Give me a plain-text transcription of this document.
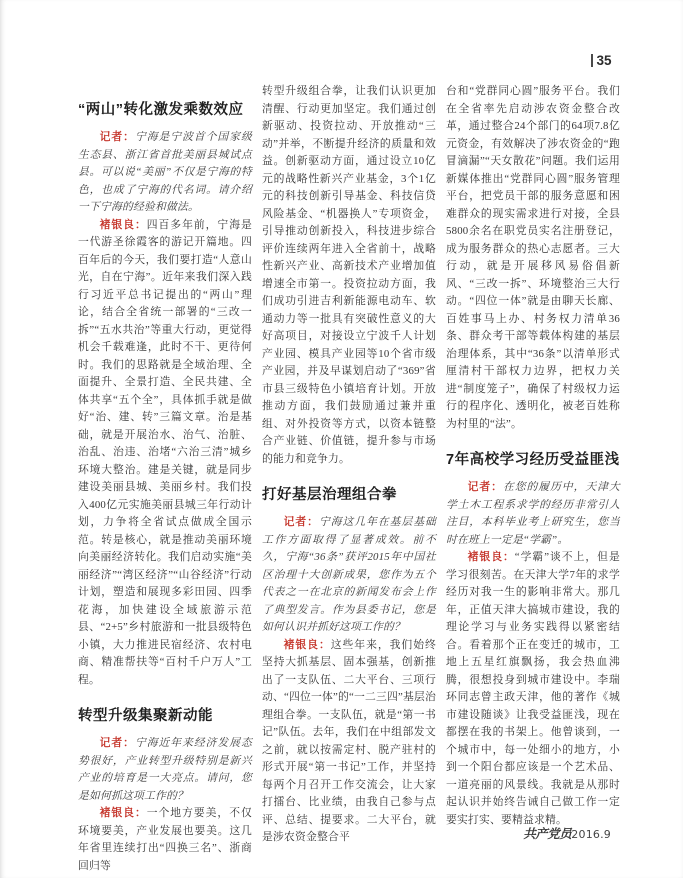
35
“两山”转化激发乘数效应

记者：宁海是宁波首个国家级生态县、浙江省首批美丽县城试点县。可以说“美丽”不仅是宁海的特色，也成了宁海的代名词。请介绍一下宁海的经验和做法。

褚银良：四百多年前，宁海是一代游圣徐霞客的游记开篇地。四百年后的今天，我们要打造“人意山光，自在宁海”。近年来我们深入践行习近平总书记提出的“两山”理论，结合全省统一部署的“三改一拆”“五水共治”等重大行动，更觉得机会千载难逢，此时不干、更待何时。我们的思路就是全域治理、全面提升、全景打造、全民共建、全体共享“五个全”，具体抓手就是做好“治、建、转”三篇文章。治是基础，就是开展治水、治气、治脏、治乱、治违、治堵“六治三清”城乡环境大整治。建是关键，就是同步建设美丽县城、美丽乡村。我们投入400亿元实施美丽县城三年行动计划，力争将全省试点做成全国示范。转是核心，就是推动美丽环境向美丽经济转化。我们启动实施“美丽经济”“湾区经济”“山谷经济”行动计划，塑造和展现多彩田园、四季花海，加快建设全域旅游示范县、“2+5”乡村旅游和一批县级特色小镇，大力推进民宿经济、农村电商、精准帮扶等“百村千户万人”工程。

转型升级集聚新动能

记者：宁海近年来经济发展态势很好，产业转型升级特别是新兴产业的培育是一大亮点。请问，您是如何抓这项工作的？

褚银良：一个地方要美，不仅环境要美，产业发展也要美。这几年省里连续打出“四换三名”、浙商回归等

转型升级组合拳，让我们认识更加清醒、行动更加坚定。我们通过创新驱动、投资拉动、开放推动“三动”并举，不断提升经济的质量和效益。创新驱动方面，通过设立10亿元的战略性新兴产业基金，3个1亿元的科技创新引导基金、科技信贷风险基金、“机器换人”专项资金，引导推动创新投入，科技进步综合评价连续两年进入全省前十，战略性新兴产业、高新技术产业增加值增速全市第一。投资拉动方面，我们成功引进吉利新能源电动车、软通动力等一批具有突破性意义的大好高项目，对接设立宁波千人计划产业园、模具产业园等10个省市级产业园，并及早谋划启动了“369”省市县三级特色小镇培育计划。开放推动方面，我们鼓励通过兼并重组、对外投资等方式，以资本链整合产业链、价值链，提升参与市场的能力和竞争力。

打好基层治理组合拳

记者：宁海这几年在基层基础工作方面取得了显著成效。前不久，宁海“36条”获评2015年中国社区治理十大创新成果，您作为五个代表之一在北京的新闻发布会上作了典型发言。作为县委书记，您是如何认识并抓好这项工作的？

褚银良：这些年来，我们始终坚持大抓基层、固本强基，创新推出了一支队伍、二大平台、三项行动、“四位一体”的“一二三四”基层治理组合拳。一支队伍，就是“第一书记”队伍。去年，我们在中组部发文之前，就以按需定村、脱产驻村的形式开展“第一书记”工作，并坚持每两个月召开工作交流会，让大家打擂台、比业绩，由我自己参与点评、总结、提要求。二大平台，就是涉农资金整合平

台和“党群同心圆”服务平台。我们在全省率先启动涉农资金整合改革，通过整合24个部门的64项7.8亿元资金，有效解决了涉农资金的“跑冒滴漏”“天女散花”问题。我们运用新媒体推出“党群同心圆”服务管理平台，把党员干部的服务意愿和困难群众的现实需求进行对接，全县5800余名在职党员实名注册登记，成为服务群众的热心志愿者。三大行动，就是开展移风易俗倡新风、“三改一拆”、环境整治三大行动。“四位一体”就是由聊天长廊、百姓事马上办、村务权力清单36条、群众考干部等载体构建的基层治理体系，其中“36条”以清单形式厘清村干部权力边界，把权力关进“制度笼子”，确保了村级权力运行的程序化、透明化，被老百姓称为村里的“法”。

7年高校学习经历受益匪浅

记者：在您的履历中，天津大学土木工程系求学的经历非常引人注目，本科毕业考上研究生，您当时在班上一定是“学霸”。

褚银良：“学霸”谈不上，但是学习很刻苦。在天津大学7年的求学经历对我一生的影响非常大。那几年，正值天津大搞城市建设，我的理论学习与业务实践得以紧密结合。看着那个正在变迁的城市，工地上五星红旗飘扬，我会热血沸腾，很想投身到城市建设中。李瑞环同志曾主政天津，他的著作《城市建设随谈》让我受益匪浅，现在都摆在我的书架上。他曾谈到，一个城市中，每一处细小的地方，小到一个阳台都应该是一个艺术品、一道亮丽的风景线。我就是从那时起认识并始终告诫自己做工作一定要实打实、要精益求精。

共产党员2016.9
